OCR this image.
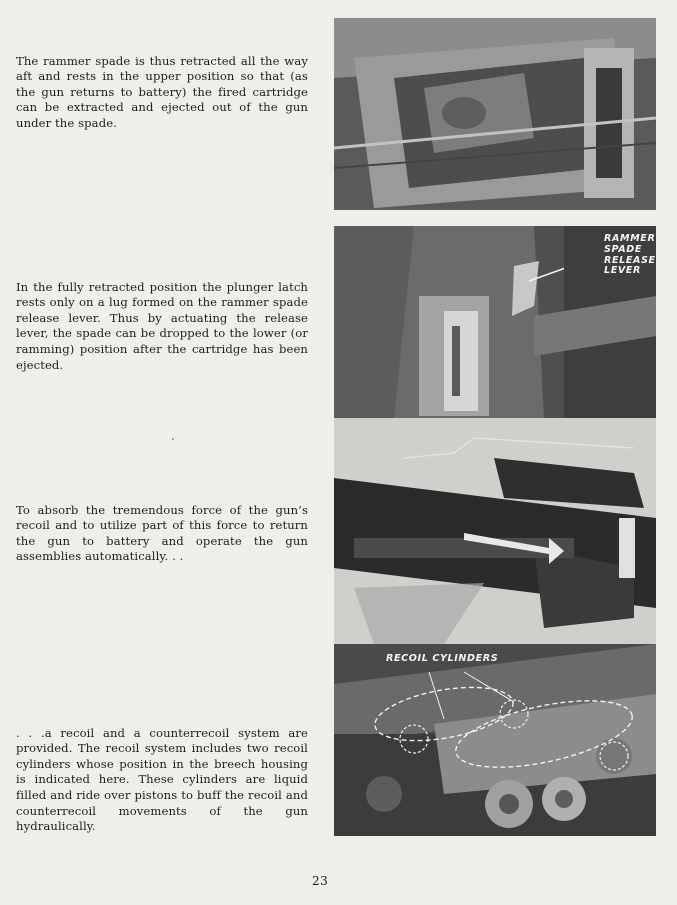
The rammer spade is thus retracted all the way aft and rests in the upper position so that (as the gun returns to battery) the fired cartridge can be extracted and ejected out of the gun under the spade.

In the fully retracted position the plunger latch rests only on a lug formed on the rammer spade release lever. Thus by actuating the release lever, the spade can be dropped to the lower (or ramming) position after the cartridge has been ejected.

To absorb the tremendous force of the gun’s recoil and to utilize part of this force to return the gun to battery and operate the gun assemblies automatically. . .

. . .a recoil and a counterrecoil system are provided. The recoil system includes two recoil cylinders whose position in the breech housing is indicated here. These cylinders are liquid filled and ride over pistons to buff the recoil and counterrecoil movements of the gun hydraulically.

RAMMER
SPADE
RELEASE
LEVER
RECOIL CYLINDERS
23
